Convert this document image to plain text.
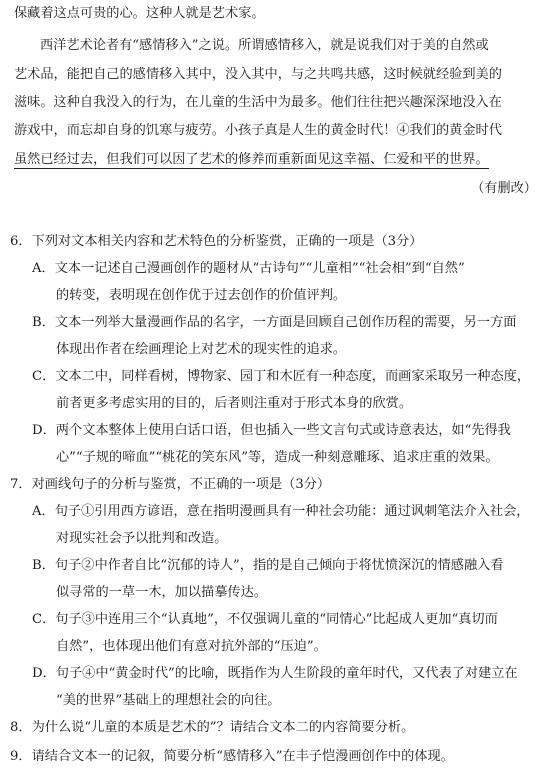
保藏着这点可贵的心。这种人就是艺术家。
西洋艺术论者有“感情移入”之说。所谓感情移入，就是说我们对于美的自然或
艺术品，能把自己的感情移入其中，没入其中，与之共鸣共感，这时候就经验到美的
滋味。这种自我没入的行为，在儿童的生活中为最多。他们往往把兴趣深深地没入在
游戏中，而忘却自身的饥寒与疲劳。小孩子真是人生的黄金时代！④我们的黄金时代
虽然已经过去，但我们可以因了艺术的修养而重新面见这幸福、仁爱和平的世界。
（有删改）
6．下列对文本相关内容和艺术特色的分析鉴赏，正确的一项是（3分）
A．文本一记述自己漫画创作的题材从“古诗句”“儿童相”“社会相”到“自然”
的转变，表明现在创作优于过去创作的价值评判。
B．文本一列举大量漫画作品的名字，一方面是回顾自己创作历程的需要，另一方面
体现出作者在绘画理论上对艺术的现实性的追求。
C．文本二中，同样看树，博物家、园丁和木匠有一种态度，而画家采取另一种态度，
前者更多考虑实用的目的，后者则注重对于形式本身的欣赏。
D．两个文本整体上使用白话口语，但也插入一些文言句式或诗意表达，如“先得我
心”“子规的啼血”“桃花的笑东风”等，造成一种刻意雕琢、追求庄重的效果。
7．对画线句子的分析与鉴赏，不正确的一项是（3分）
A．句子①引用西方谚语，意在指明漫画具有一种社会功能：通过讽刺笔法介入社会，
对现实社会予以批判和改造。
B．句子②中作者自比“沉郁的诗人”，指的是自己倾向于将忧愤深沉的情感融入看
似寻常的一草一木，加以描摹传达。
C．句子③中连用三个“认真地”，不仅强调儿童的“同情心”比起成人更加“真切而
自然”，也体现出他们有意对抗外部的“压迫”。
D．句子④中“黄金时代”的比喻，既指作为人生阶段的童年时代，又代表了对建立在
“美的世界”基础上的理想社会的向往。
8．为什么说“儿童的本质是艺术的”？请结合文本二的内容简要分析。
9．请结合文本一的记叙，简要分析“感情移入”在丰子恺漫画创作中的体现。
